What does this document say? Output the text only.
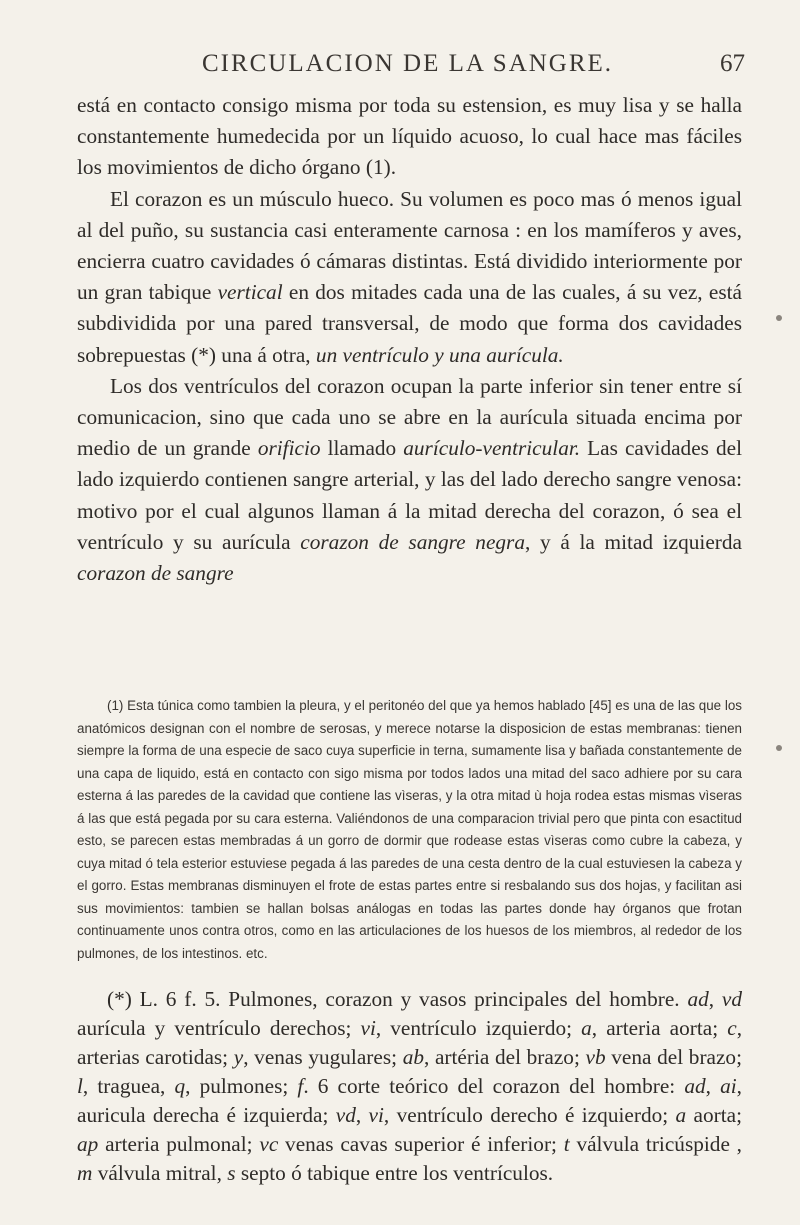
CIRCULACION DE LA SANGRE.	67

está en contacto consigo misma por toda su estension, es muy lisa y se halla constantemente humedecida por un líquido acuoso, lo cual hace mas fáciles los movimientos de dicho órgano (1).

El corazon es un músculo hueco. Su volumen es poco mas ó menos igual al del puño, su sustancia casi enteramente carnosa : en los mamíferos y aves, encierra cuatro cavidades ó cámaras distintas. Está dividido interiormente por un gran tabique vertical en dos mitades cada una de las cuales, á su vez, está subdividida por una pared transversal, de modo que forma dos cavidades sobrepuestas (*) una á otra, un ventrículo y una aurícula.

Los dos ventrículos del corazon ocupan la parte inferior sin tener entre sí comunicacion, sino que cada uno se abre en la aurícula situada encima por medio de un grande orificio llamado aurículo-ventricular. Las cavidades del lado izquierdo contienen sangre arterial, y las del lado derecho sangre venosa: motivo por el cual algunos llaman á la mitad derecha del corazon, ó sea el ventrículo y su aurícula corazon de sangre negra, y á la mitad izquierda corazon de sangre

(1) Esta túnica como tambien la pleura, y el peritonéo del que ya hemos hablado [45] es una de las que los anatómicos designan con el nombre de serosas, y merece notarse la disposicion de estas membranas: tienen siempre la forma de una especie de saco cuya superficie in terna, sumamente lisa y bañada constantemente de una capa de liquido, está en contacto con sigo misma por todos lados una mitad del saco adhiere por su cara esterna á las paredes de la cavidad que contiene las vìseras, y la otra mitad ù hoja rodea estas mismas vìseras á las que está pegada por su cara esterna. Valiéndonos de una comparacion trivial pero que pinta con esactitud esto, se parecen estas membradas á un gorro de dormir que rodease estas vìseras como cubre la cabeza, y cuya mitad ó tela esterior estuviese pegada á las paredes de una cesta dentro de la cual estuviesen la cabeza y el gorro. Estas membranas disminuyen el frote de estas partes entre si resbalando sus dos hojas, y facilitan asi sus movimientos: tambien se hallan bolsas análogas en todas las partes donde hay órganos que frotan continuamente unos contra otros, como en las articulaciones de los huesos de los miembros, al rededor de los pulmones, de los intestinos. etc.
(*) L. 6 f. 5. Pulmones, corazon y vasos principales del hombre. ad, vd aurícula y ventrículo derechos; vi, ventrículo izquierdo; a, arteria aorta; c, arterias carotidas; y, venas yugulares; ab, artéria del brazo; vb vena del brazo; l, traguea, q, pulmones; f. 6 corte teórico del corazon del hombre: ad, ai, auricula derecha é izquierda; vd, vi, ventrículo derecho é izquierdo; a aorta; ap arteria pulmonal; vc venas cavas superior é inferior; t válvula tricúspide , m válvula mitral, s septo ó tabique entre los ventrículos.
